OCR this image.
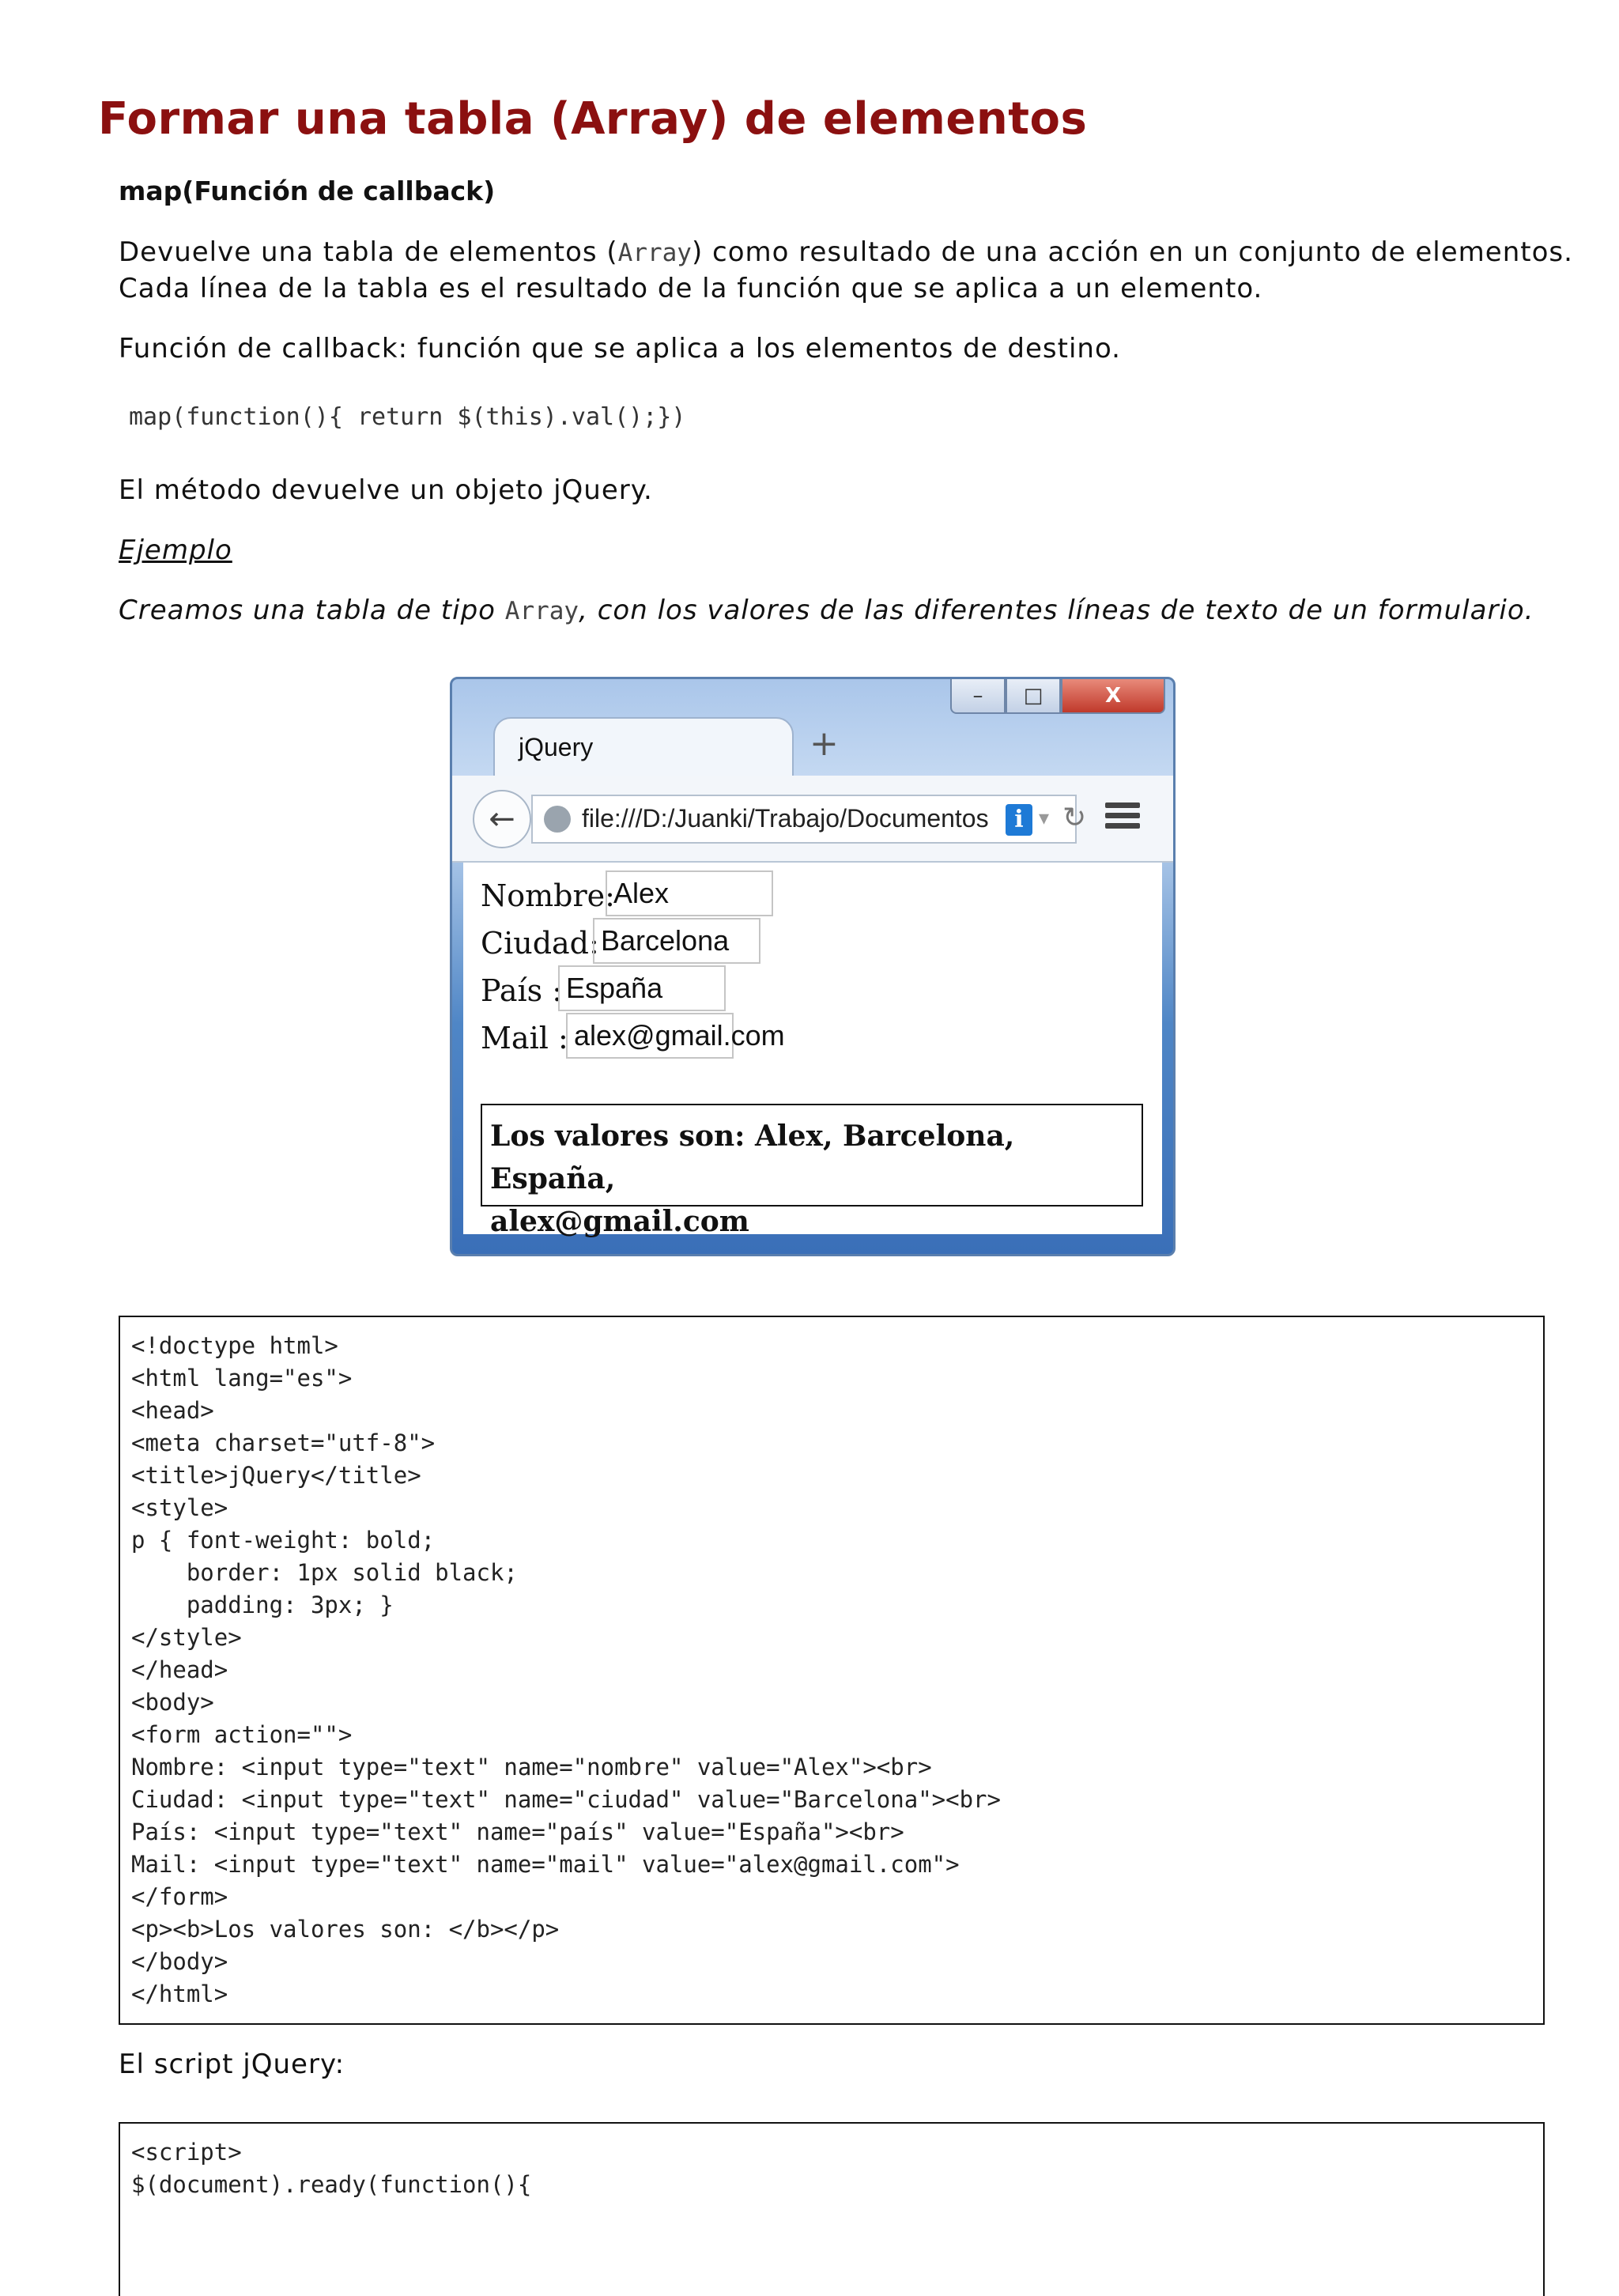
Formar una tabla (Array) de elementos

map(Función de callback)

Devuelve una tabla de elementos (Array) como resultado de una acción en un conjunto de elementos.

Cada línea de la tabla es el resultado de la función que se aplica a un elemento.

Función de callback: función que se aplica a los elementos de destino.

map(function(){ return $(this).val();})

El método devuelve un objeto jQuery.

Ejemplo

Creamos una tabla de tipo Array, con los valores de las diferentes líneas de texto de un formulario.

–	□	X
jQuery	+
←	file:///D:/Juanki/Trabajo/Documentos	i ▾ ↻
Nombre:
Alex
Ciudad: Barcelona
País : España
Mail : alex@gmail.com
Los valores son: Alex, Barcelona, España,
alex@gmail.com
<!doctype html>
<html lang="es">
<head>
<meta charset="utf-8">
<title>jQuery</title>
<style>
p { font-weight: bold;
border: 1px solid black;
padding: 3px; }
</style>
</head>
<body>
<form action="">
Nombre: <input type="text" name="nombre" value="Alex"><br>
Ciudad: <input type="text" name="ciudad" value="Barcelona"><br>
País: <input type="text" name="país" value="España"><br>
Mail: <input type="text" name="mail" value="alex@gmail.com">
</form>
<p><b>Los valores son: </b></p>
</body>
</html>

El script jQuery:

<script>
$(document).ready(function(){
